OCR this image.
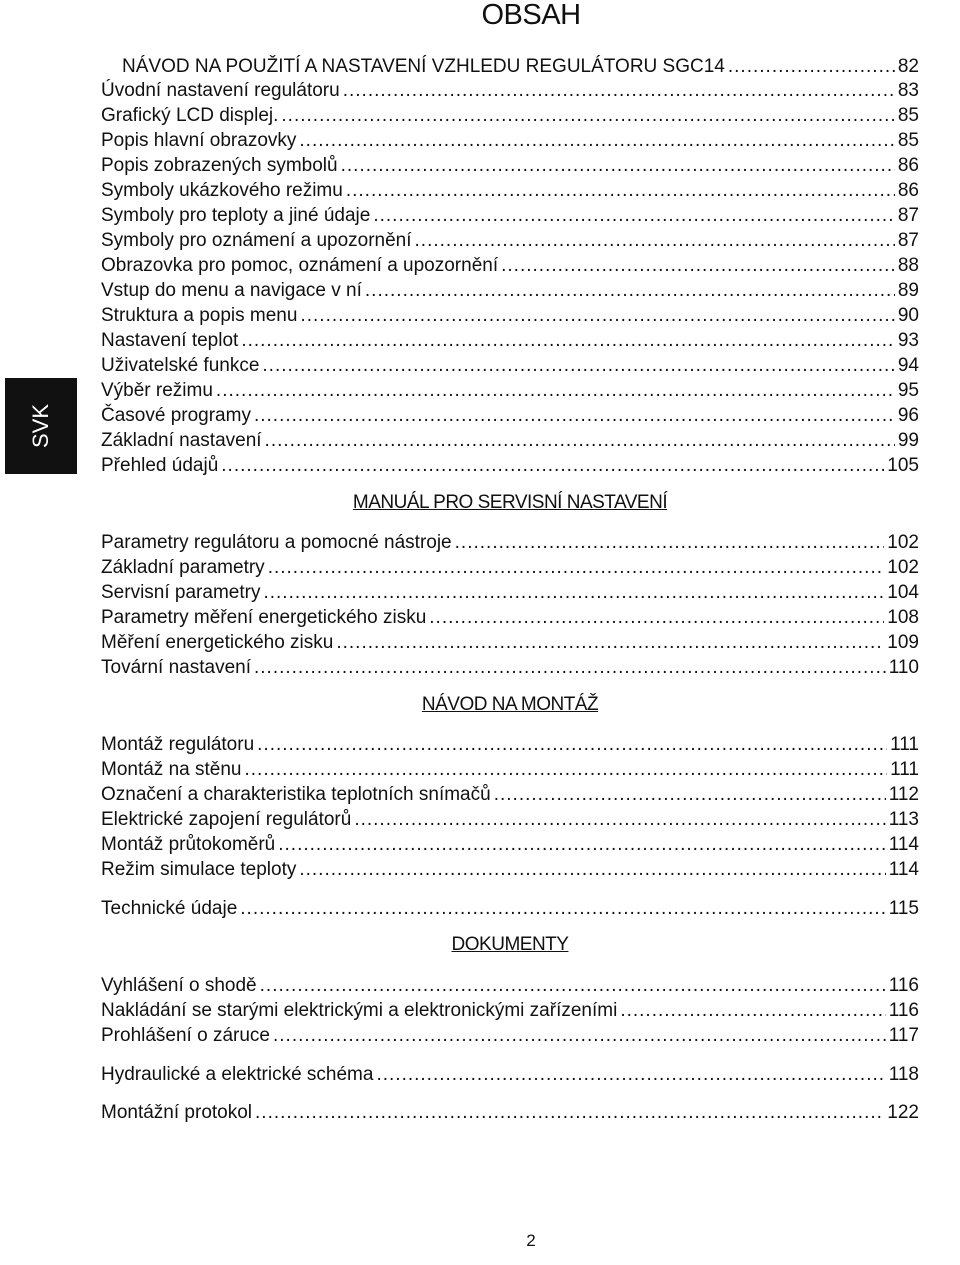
OBSAH
SVK
NÁVOD NA POUŽITÍ A NASTAVENÍ VZHLEDU REGULÁTORU SGC14 .....	82
Úvodní nastavení regulátoru .....	83
Grafický LCD displej. .....	85
Popis hlavní obrazovky .....	85
Popis zobrazených symbolů .....	86
Symboly ukázkového režimu .....	86
Symboly pro teploty a jiné údaje .....	87
Symboly pro oznámení a upozornění .....	87
Obrazovka pro pomoc, oznámení a upozornění .....	88
Vstup do menu a navigace v ní .....	89
Struktura a popis menu .....	90
Nastavení teplot .....	93
Uživatelské funkce .....	94
Výběr režimu .....	95
Časové programy .....	96
Základní nastavení .....	99
Přehled údajů .....	105
MANUÁL PRO SERVISNÍ NASTAVENÍ
Parametry regulátoru a pomocné nástroje .....	102
Základní parametry .....	102
Servisní parametry .....	104
Parametry měření energetického zisku .....	108
Měření energetického zisku .....	109
Tovární nastavení .....	110
NÁVOD NA MONTÁŽ
Montáž regulátoru .....	111
Montáž na stěnu .....	111
Označení a charakteristika teplotních snímačů .....	112
Elektrické zapojení regulátorů .....	113
Montáž průtokoměrů .....	114
Režim simulace teploty .....	114
Technické údaje .....	115
DOKUMENTY
Vyhlášení o shodě .....	116
Nakládání se starými elektrickými a elektronickými zařízeními .....	116
Prohlášení o záruce .....	117
Hydraulické a elektrické schéma .....	118
Montážní protokol .....	122
2
